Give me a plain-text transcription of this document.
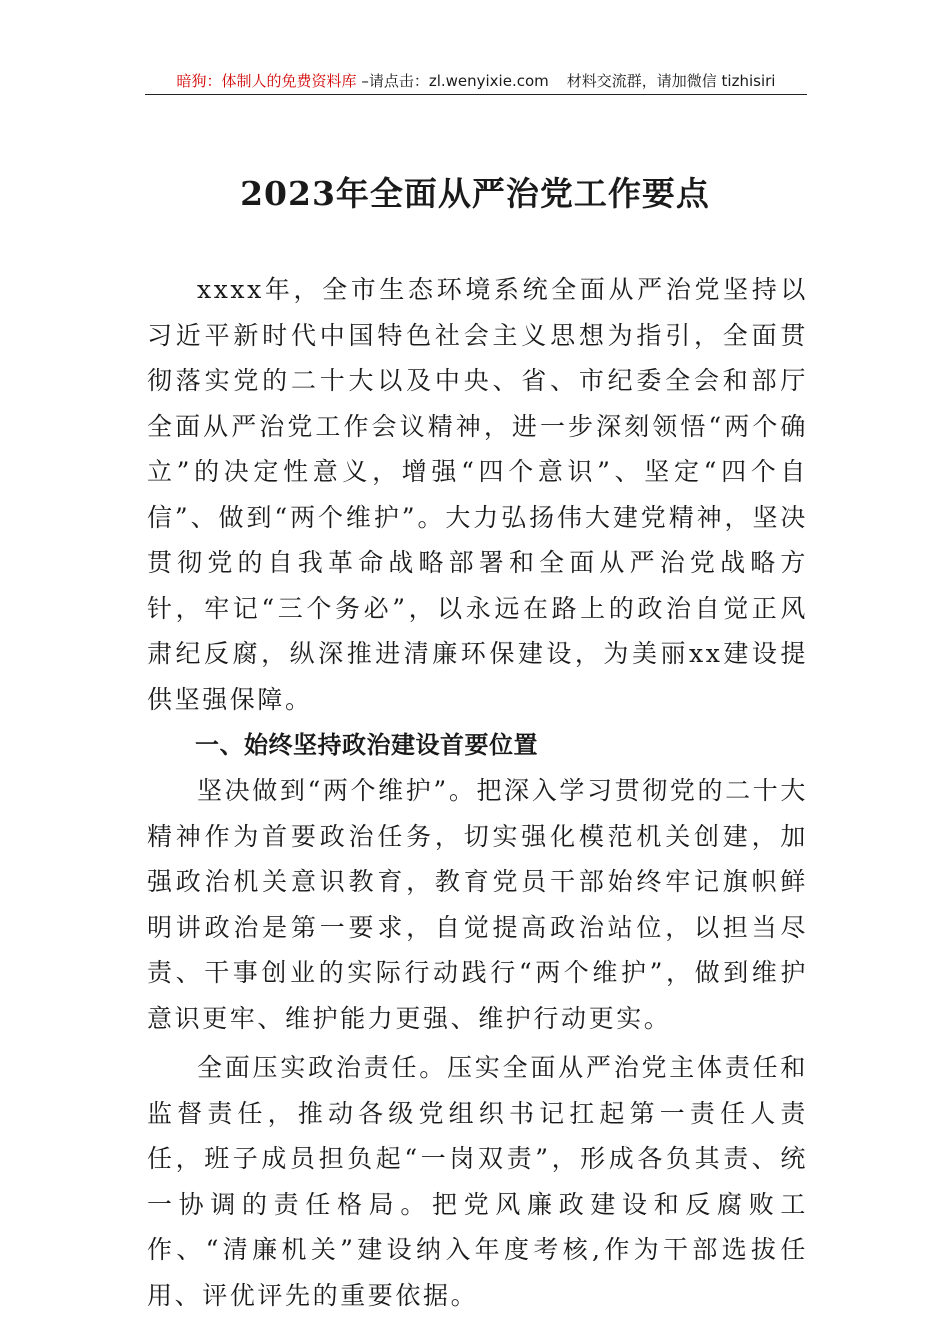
暗狗：体制人的免费资料库 –请点击：zl.wenyixie.com 材料交流群，请加微信 tizhisiri
2023年全面从严治党工作要点

xxxx年，全市生态环境系统全面从严治党坚持以习近平新时代中国特色社会主义思想为指引，全面贯彻落实党的二十大以及中央、省、市纪委全会和部厅全面从严治党工作会议精神，进一步深刻领悟“两个确立”的决定性意义，增强“四个意识”、坚定“四个自信”、做到“两个维护”。大力弘扬伟大建党精神，坚决贯彻党的自我革命战略部署和全面从严治党战略方针，牢记“三个务必”，以永远在路上的政治自觉正风肃纪反腐，纵深推进清廉环保建设，为美丽xx建设提供坚强保障。

一、始终坚持政治建设首要位置

坚决做到“两个维护”。把深入学习贯彻党的二十大精神作为首要政治任务，切实强化模范机关创建，加强政治机关意识教育，教育党员干部始终牢记旗帜鲜明讲政治是第一要求，自觉提高政治站位，以担当尽责、干事创业的实际行动践行“两个维护”，做到维护意识更牢、维护能力更强、维护行动更实。

全面压实政治责任。压实全面从严治党主体责任和监督责任，推动各级党组织书记扛起第一责任人责任，班子成员担负起“一岗双责”，形成各负其责、统一协调的责任格局。把党风廉政建设和反腐败工作、“清廉机关”建设纳入年度考核,作为干部选拔任用、评优评先的重要依据。
